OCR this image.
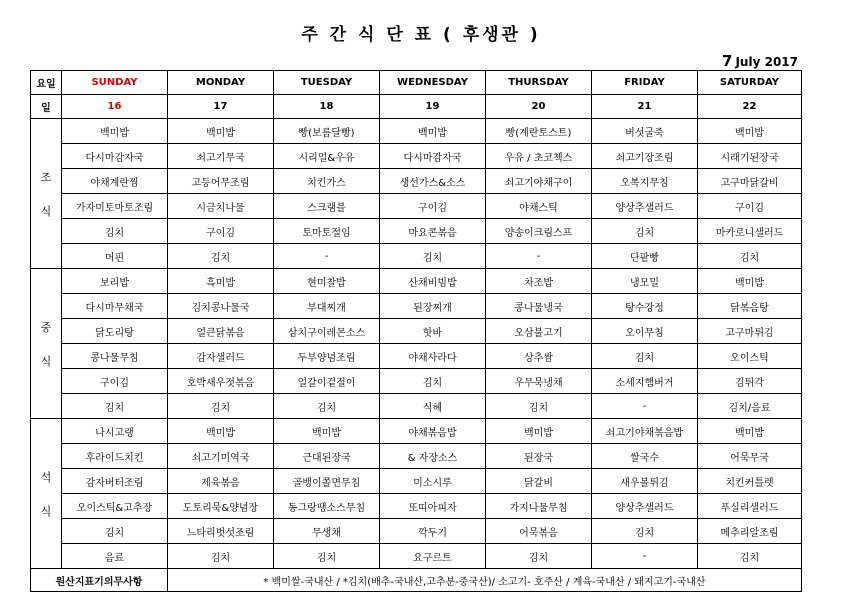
주 간 식 단 표 ( 후생관 )
7 July 2017
요일	SUNDAY	MONDAY	TUESDAY	WEDNESDAY	THURSDAY	FRIDAY	SATURDAY
일	16	17	18	19	20	21	22

조
식	백미밥	백미밥	빵(보름달빵)	백미밥	빵(계란토스트)	버섯굴죽	백미밥
	다시마감자국	쇠고기무국	시리얼&우유	다시마감자국	우유 / 초코첵스	쇠고기장조림	시래기된장국
	야채계란찜	고등어무조림	치킨가스	생선가스&소스	쇠고기야채구이	오복지무침	고구마닭갈비
	가자미토마토조림	시금치나물	스크램블	구이김	야채스틱	양상추샐러드	구이김
	김치	구이김	토마토절임	마요콘볶음	양송이크림스프	김치	마카로니샐러드
	머핀	김치	-	김치	-	단팥빵	김치

중
식	보리밥	흑미밥	현미찰밥	산채비빔밥	차조밥	냉모밀	백미밥
	다시마무채국	김치콩나물국	부대찌개	된장찌개	콩나물냉국	탕수강정	닭볶음탕
	닭도리탕	얼큰닭볶음	삼치구이레몬소스	핫바	오삼불고기	오이무침	고구마튀김
	콩나물무침	감자샐러드	두부양념조림	야채사라다	상추쌈	김치	오이스틱
	구이김	호박새우젓볶음	얼갈이겉절이	김치	우무묵냉채	소세지햄버거	김튀각
	김치	김치	김치	식혜	김치	-	김치/음료

석
식	나시고랭	백미밥	백미밥	야채볶음밥	백미밥	쇠고기야채볶음밥	백미밥
	후라이드치킨	쇠고기미역국	근대된장국	& 자장소스	된장국	쌀국수	어묵무국
	감자버터조림	제육볶음	골뱅이쫄면무침	미소시루	닭갈비	새우볼튀김	치킨커틀렛
	오이스틱&고추장	도토리묵&양념장	동그랑땡소스무침	또띠아피자	가지나물무침	양상추샐러드	푸실리샐러드
	김치	느타리벗섯조림	무생채	깍두기	어묵볶음	김치	메추리알조림
	음료	김치	김치	요구르트	김치	-	김치
원산지표기의무사항		* 백미쌀-국내산 / *김치(배추-국내산,고추분-중국산)/ 소고기- 호주산 / 계육-국내산 / 돼지고기-국내산					
